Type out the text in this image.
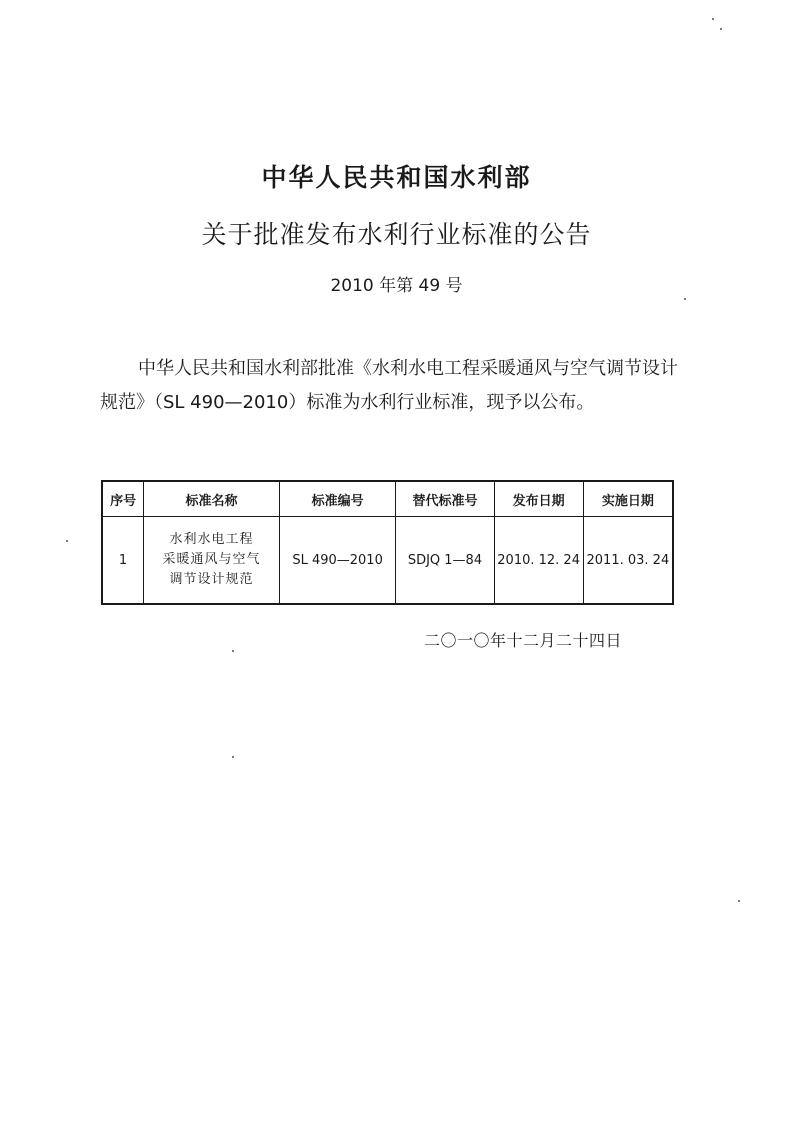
中华人民共和国水利部
关于批准发布水利行业标准的公告
2010 年第 49 号

中华人民共和国水利部批准《水利水电工程采暖通风与空气调节设计规范》（SL 490—2010）标准为水利行业标准，现予以公布。

序号	标准名称	标准编号	替代标准号	发布日期	实施日期
1	水利水电工程
采暖通风与空气
调节设计规范	SL 490—2010	SDJQ 1—84	2010. 12. 24	2011. 03. 24
二〇一〇年十二月二十四日
